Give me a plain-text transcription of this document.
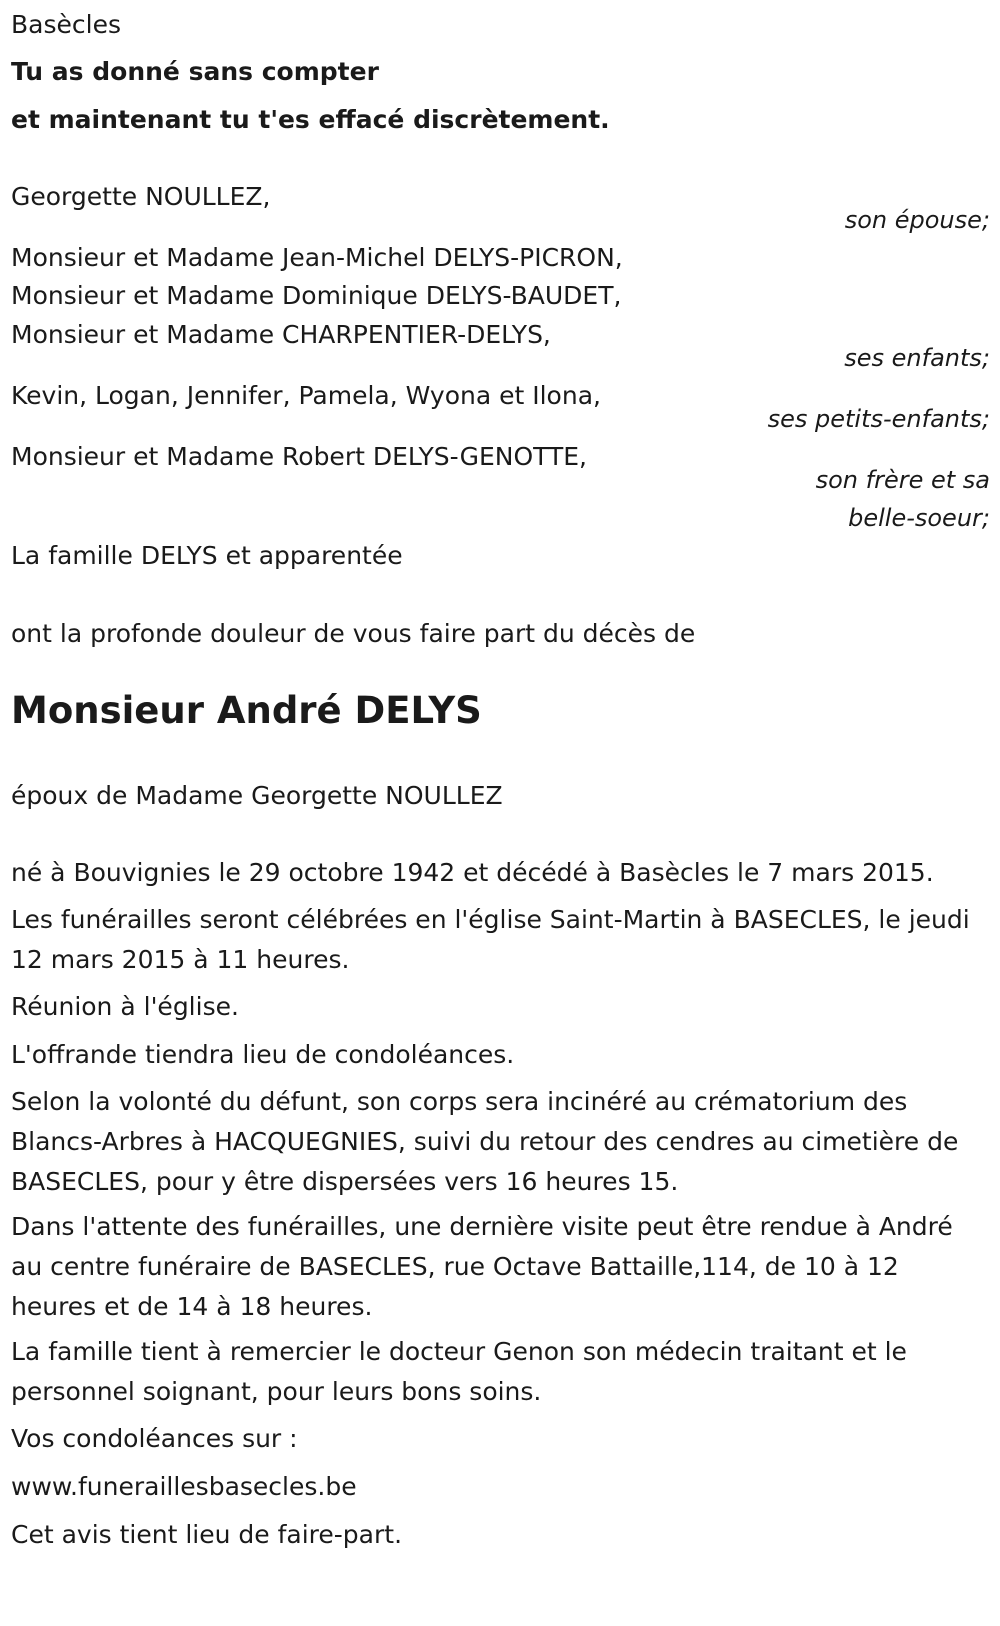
Basècles
Tu as donné sans compter
et maintenant tu t'es effacé discrètement.
Georgette NOULLEZ,
Monsieur et Madame Jean-Michel DELYS-PICRON,
Monsieur et Madame Dominique DELYS-BAUDET,
Monsieur et Madame CHARPENTIER-DELYS,
Kevin, Logan, Jennifer, Pamela, Wyona et Ilona,
Monsieur et Madame Robert DELYS-GENOTTE,
La famille DELYS et apparentée
son épouse;
ses enfants;
ses petits-enfants;
son frère et sa
belle-soeur;
ont la profonde douleur de vous faire part du décès de
Monsieur André DELYS
époux de Madame Georgette NOULLEZ
né à Bouvignies le 29 octobre 1942 et décédé à Basècles le 7 mars 2015.

Les funérailles seront célébrées en l'église Saint-Martin à BASECLES, le jeudi 12 mars 2015 à 11 heures.

Réunion à l'église.

L'offrande tiendra lieu de condoléances.

Selon la volonté du défunt, son corps sera incinéré au crématorium des Blancs-Arbres à HACQUEGNIES, suivi du retour des cendres au cimetière de BASECLES, pour y être dispersées vers 16 heures 15.

Dans l'attente des funérailles, une dernière visite peut être rendue à André au centre funéraire de BASECLES, rue Octave Battaille,114, de 10 à 12 heures et de 14 à 18 heures.

La famille tient à remercier le docteur Genon son médecin traitant et le personnel soignant, pour leurs bons soins.

Vos condoléances sur :
www.funeraillesbasecles.be
Cet avis tient lieu de faire-part.
